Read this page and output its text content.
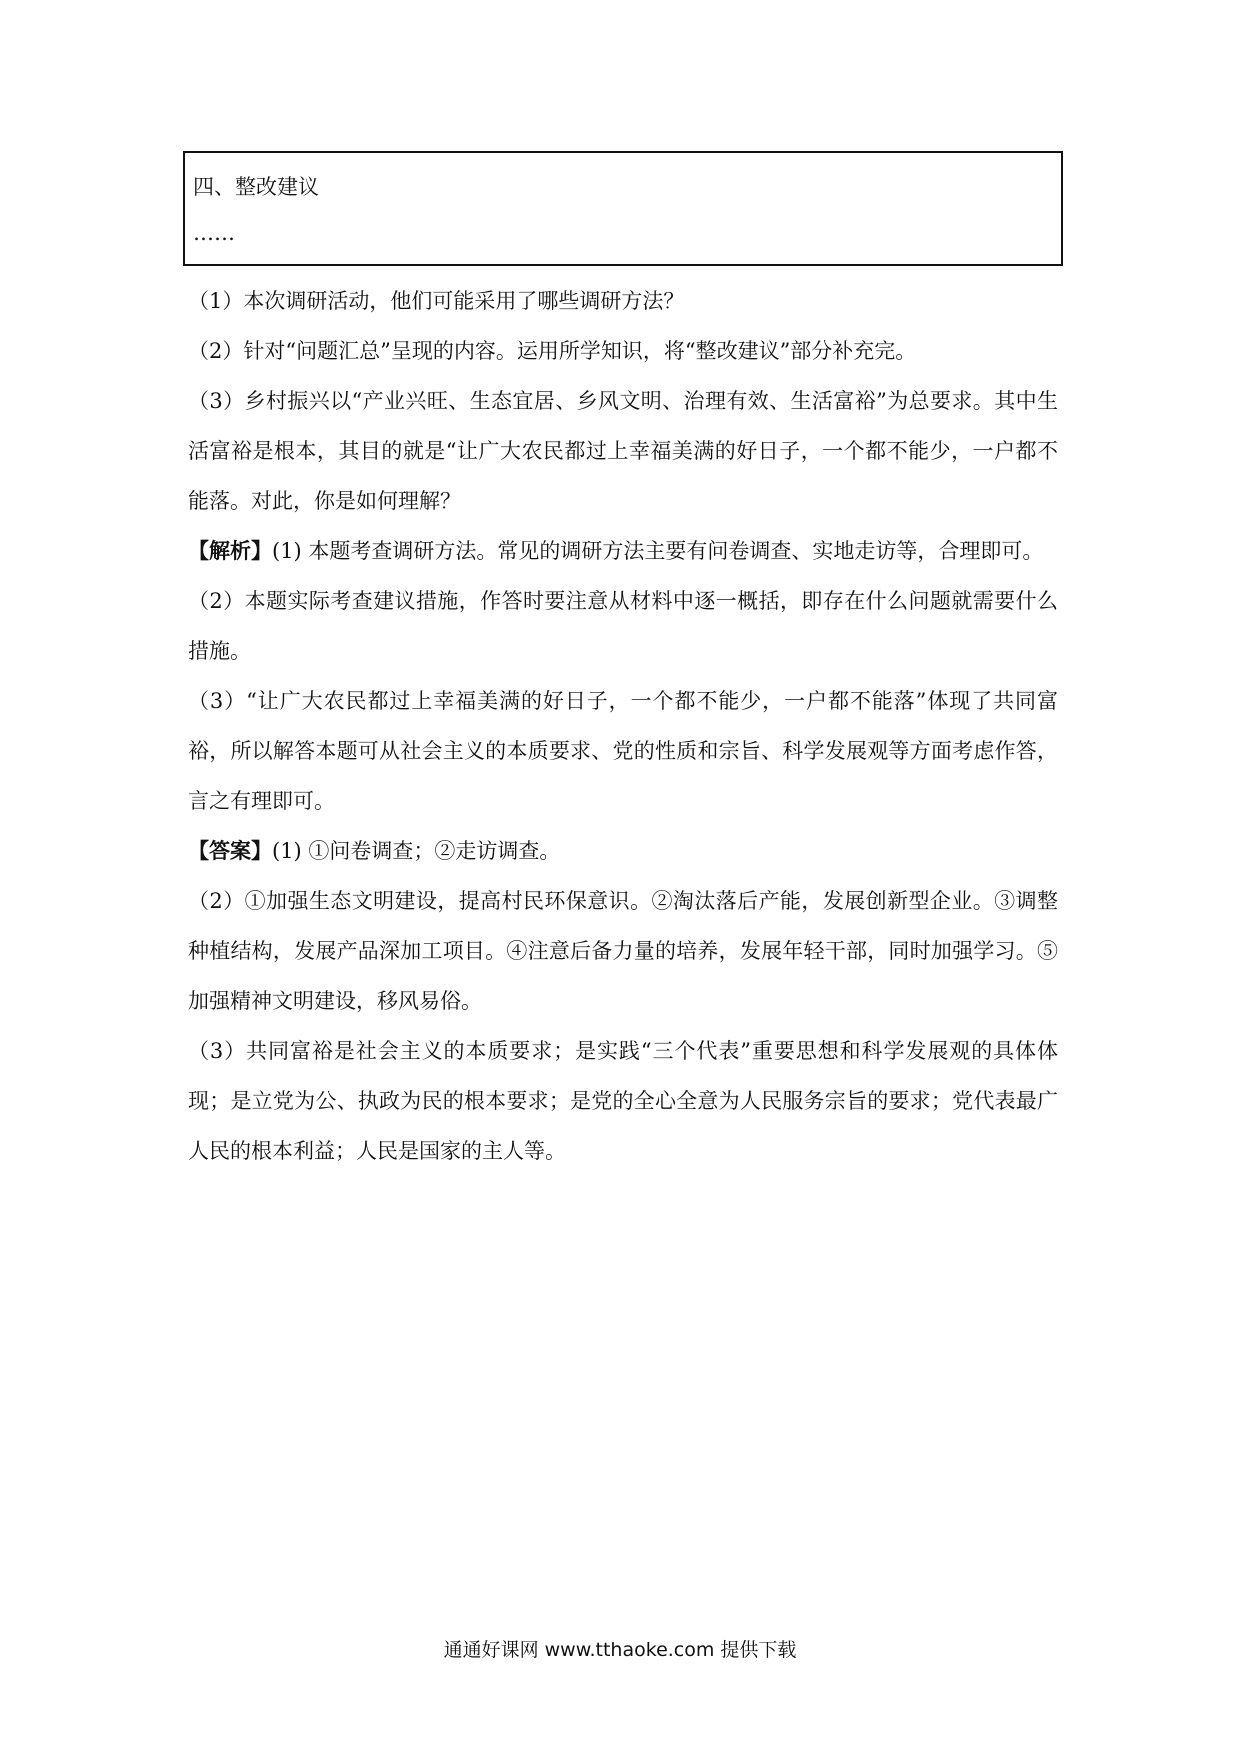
四、整改建议
……

（1）本次调研活动，他们可能采用了哪些调研方法？

（2）针对“问题汇总”呈现的内容。运用所学知识，将“整改建议”部分补充完。

（3）乡村振兴以“产业兴旺、生态宜居、乡风文明、治理有效、生活富裕”为总要求。其中生活富裕是根本，其目的就是“让广大农民都过上幸福美满的好日子，一个都不能少，一户都不能落。对此，你是如何理解？

【解析】(1) 本题考查调研方法。常见的调研方法主要有问卷调查、实地走访等，合理即可。

（2）本题实际考查建议措施，作答时要注意从材料中逐一概括，即存在什么问题就需要什么措施。

（3）“让广大农民都过上幸福美满的好日子，一个都不能少，一户都不能落”体现了共同富裕，所以解答本题可从社会主义的本质要求、党的性质和宗旨、科学发展观等方面考虑作答，言之有理即可。

【答案】(1) ①问卷调查；②走访调查。

（2）①加强生态文明建设，提高村民环保意识。②淘汰落后产能，发展创新型企业。③调整种植结构，发展产品深加工项目。④注意后备力量的培养，发展年轻干部，同时加强学习。⑤加强精神文明建设，移风易俗。

（3）共同富裕是社会主义的本质要求；是实践“三个代表”重要思想和科学发展观的具体体现；是立党为公、执政为民的根本要求；是党的全心全意为人民服务宗旨的要求；党代表最广人民的根本利益；人民是国家的主人等。

通通好课网 www.tthaoke.com 提供下载
